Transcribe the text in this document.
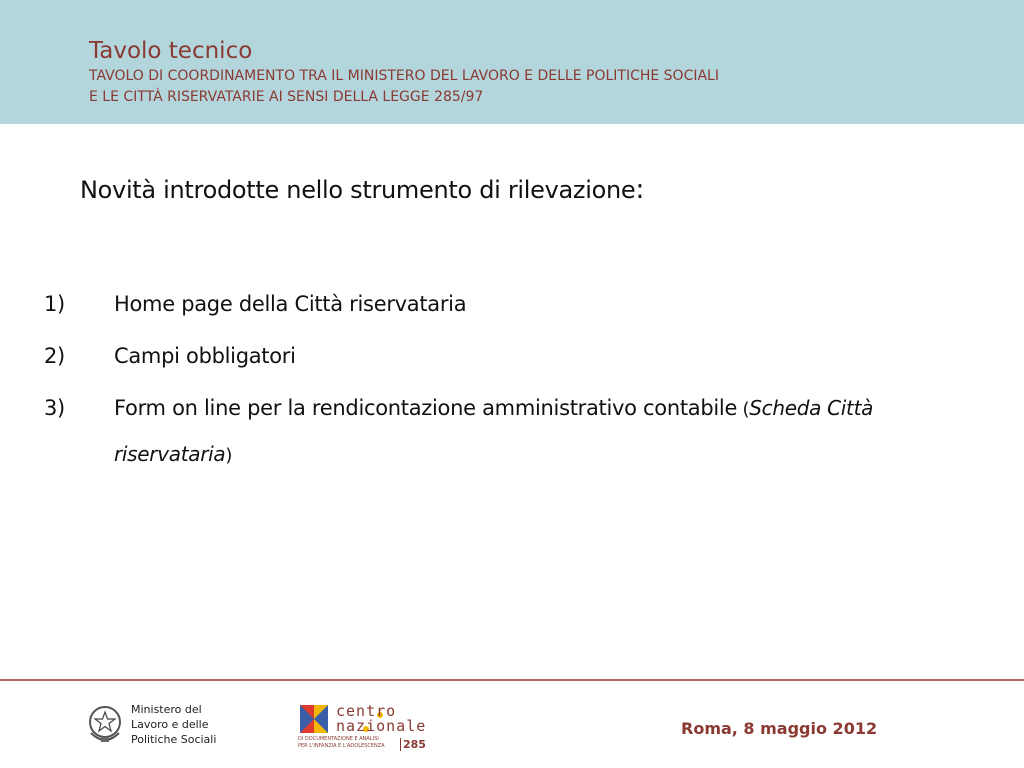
Tavolo tecnico
TAVOLO DI COORDINAMENTO TRA IL MINISTERO DEL LAVORO E DELLE POLITICHE SOCIALI
E LE CITTÀ RISERVATARIE AI SENSI DELLA LEGGE 285/97
Novità introdotte nello strumento di rilevazione:
1) Home page della Città riservataria
2) Campi obbligatori
3) Form on line per la rendicontazione amministrativo contabile (Scheda Città riservataria)
Ministero del
Lavoro e delle
Politiche Sociali
centro
nazionale
DI DOCUMENTAZIONE E ANALISI
PER L'INFANZIA E L'ADOLESCENZA 285
Roma, 8 maggio 2012
